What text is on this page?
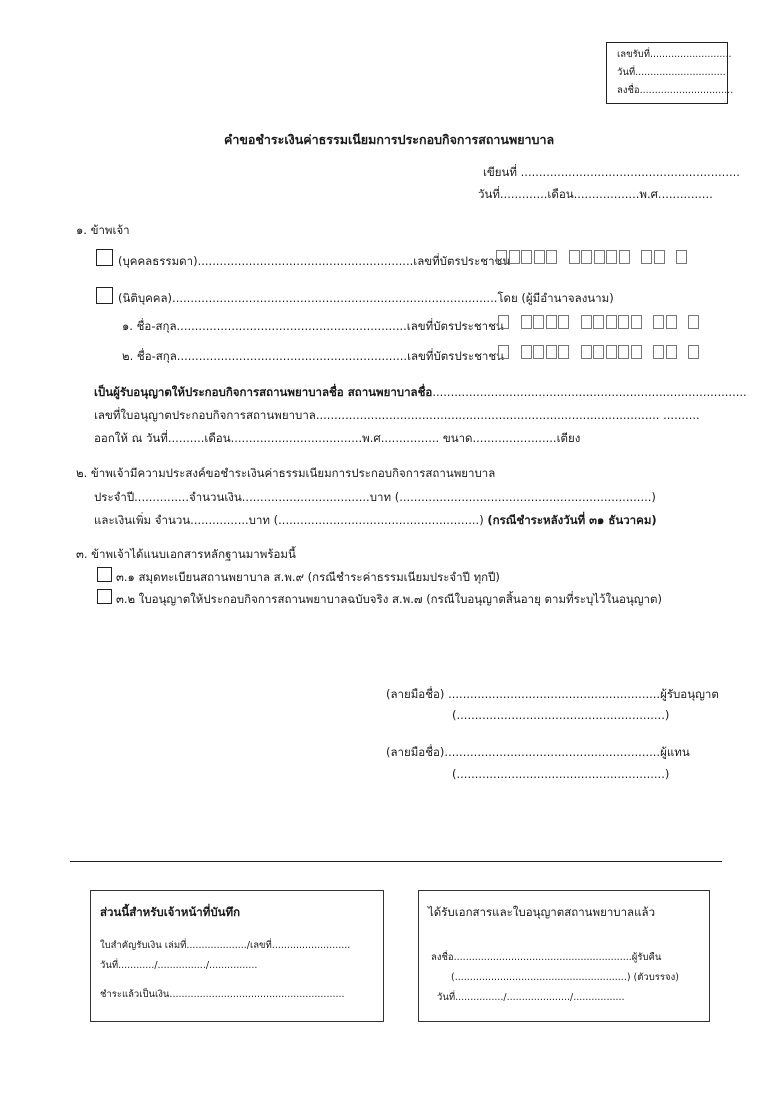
เลขรับที่...........................
วันที่..............................
ลงชื่อ...............................
คำขอชำระเงินค่าธรรมเนียมการประกอบกิจการสถานพยาบาล
เขียนที่ ............................................................
วันที่.............เดือน..................พ.ศ...............
๑. ข้าพเจ้า
(บุคคลธรรมดา)...........................................................เลขที่บัตรประชาชน
(นิติบุคคล).........................................................................................โดย (ผู้มีอำนาจลงนาม)
๑. ชื่อ-สกุล...............................................................เลขที่บัตรประชาชน
๒. ชื่อ-สกุล...............................................................เลขที่บัตรประชาชน
เป็นผู้รับอนุญาตให้ประกอบกิจการสถานพยาบาลชื่อ สถานพยาบาลชื่อ......................................................................................
เลขที่ใบอนุญาตประกอบกิจการสถานพยาบาล.............................................................................................. ..........
ออกให้ ณ วันที่..........เดือน....................................พ.ศ................ ขนาด.......................เตียง
๒. ข้าพเจ้ามีความประสงค์ขอชำระเงินค่าธรรมเนียมการประกอบกิจการสถานพยาบาล
ประจำปี...............จำนวนเงิน...................................บาท (.....................................................................)
และเงินเพิ่ม จำนวน................บาท (.......................................................) (กรณีชำระหลังวันที่ ๓๑ ธันวาคม)
๓. ข้าพเจ้าได้แนบเอกสารหลักฐานมาพร้อมนี้
๓.๑ สมุดทะเบียนสถานพยาบาล ส.พ.๙ (กรณีชำระค่าธรรมเนียมประจำปี ทุกปี)
๓.๒ ใบอนุญาตให้ประกอบกิจการสถานพยาบาลฉบับจริง ส.พ.๗ (กรณีใบอนุญาตสิ้นอายุ ตามที่ระบุไว้ในอนุญาต)
(ลายมือชื่อ) ..........................................................ผู้รับอนุญาต
(.........................................................)
(ลายมือชื่อ)...........................................................ผู้แทน
(.........................................................)
ส่วนนี้สำหรับเจ้าหน้าที่บันทึก
ใบสำคัญรับเงิน เล่มที่..................../เลขที่..........................
วันที่............/................/................
ชำระแล้วเป็นเงิน..........................................................
ได้รับเอกสารและใบอนุญาตสถานพยาบาลแล้ว
ลงชื่อ...........................................................ผู้รับคืน
(.........................................................) (ตัวบรรจง)
วันที่................/...................../.................
